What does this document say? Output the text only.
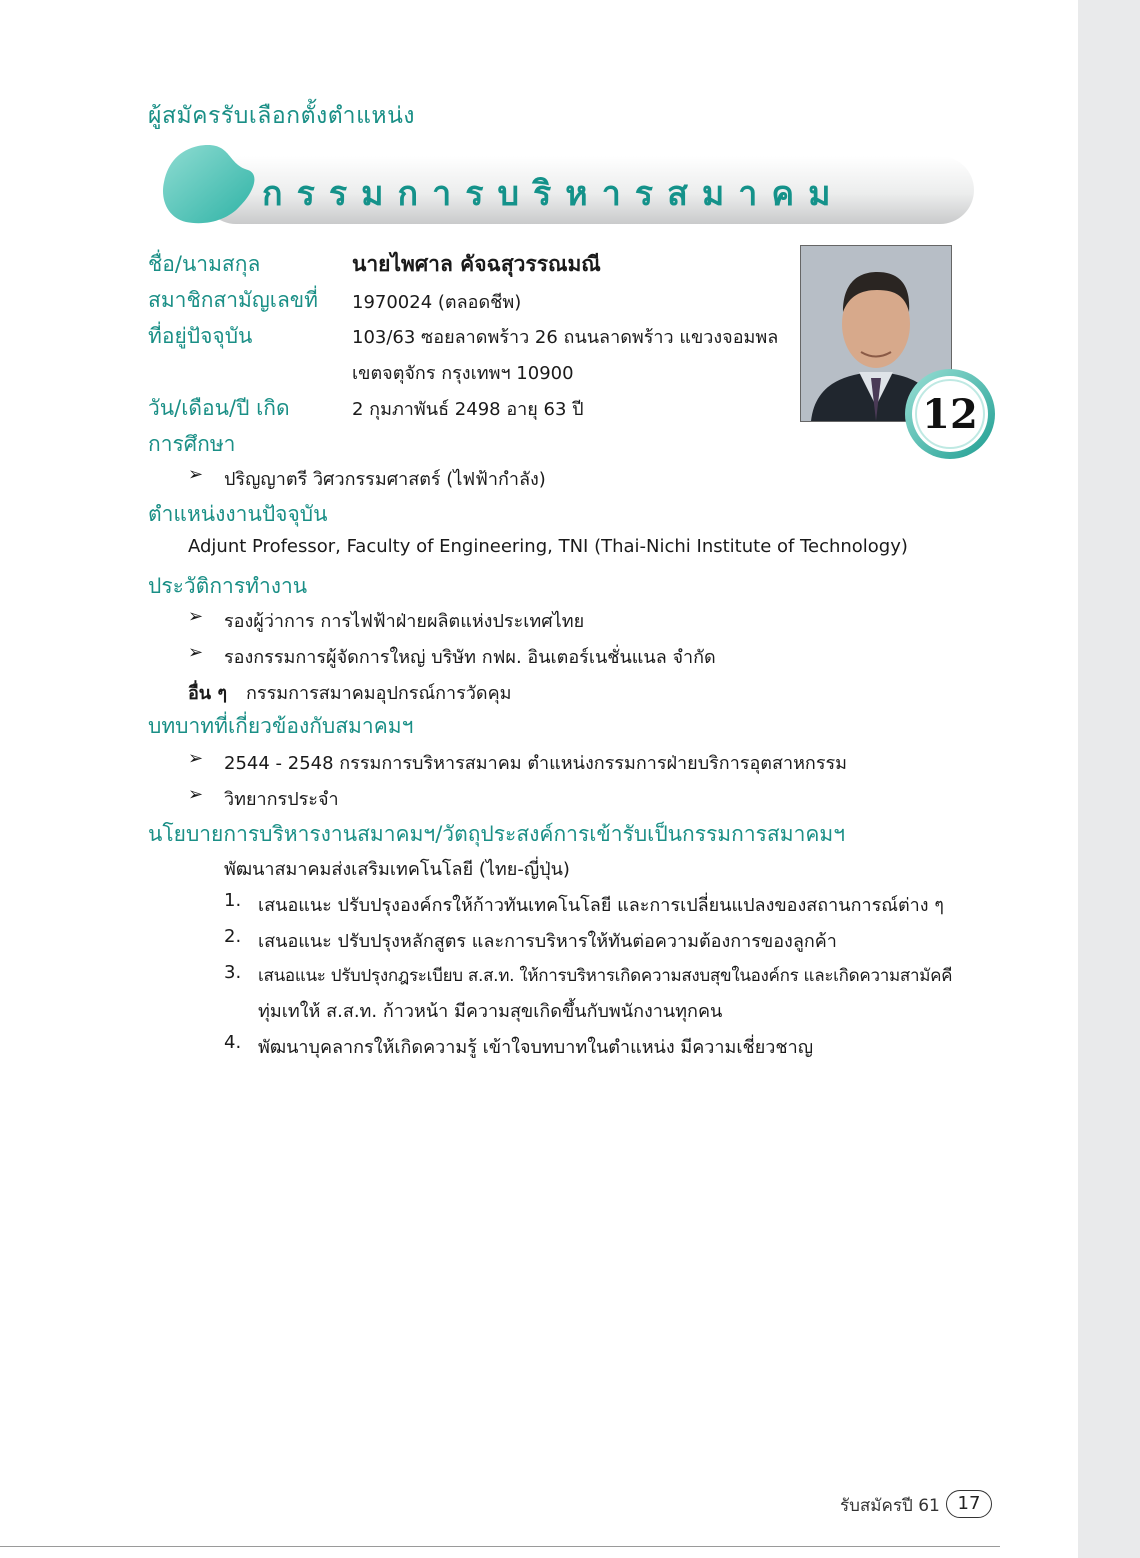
ผู้สมัครรับเลือกตั้งตำแหน่ง
กรรมการบริหารสมาคม
ชื่อ/นามสกุล	นายไพศาล คัจฉสุวรรณมณี
สมาชิกสามัญเลขที่ 1970024 (ตลอดชีพ)
ที่อยู่ปัจจุบัน	103/63 ซอยลาดพร้าว 26 ถนนลาดพร้าว แขวงจอมพล
เขตจตุจักร กรุงเทพฯ 10900
วัน/เดือน/ปี เกิด	2 กุมภาพันธ์ 2498 อายุ 63 ปี	12
การศึกษา
➢ ปริญญาตรี วิศวกรรมศาสตร์ (ไฟฟ้ากำลัง)
ตำแหน่งงานปัจจุบัน
Adjunt Professor, Faculty of Engineering, TNI (Thai-Nichi Institute of Technology)
ประวัติการทำงาน
➢ รองผู้ว่าการ การไฟฟ้าฝ่ายผลิตแห่งประเทศไทย
➢ รองกรรมการผู้จัดการใหญ่ บริษัท กฟผ. อินเตอร์เนชั่นแนล จำกัด
อื่น ๆ กรรมการสมาคมอุปกรณ์การวัดคุม
บทบาทที่เกี่ยวข้องกับสมาคมฯ
➢ 2544 - 2548 กรรมการบริหารสมาคม ตำแหน่งกรรมการฝ่ายบริการอุตสาหกรรม
➢ วิทยากรประจำ
นโยบายการบริหารงานสมาคมฯ/วัตถุประสงค์การเข้ารับเป็นกรรมการสมาคมฯ
พัฒนาสมาคมส่งเสริมเทคโนโลยี (ไทย-ญี่ปุ่น)
1. เสนอแนะ ปรับปรุงองค์กรให้ก้าวทันเทคโนโลยี และการเปลี่ยนแปลงของสถานการณ์ต่าง ๆ
2. เสนอแนะ ปรับปรุงหลักสูตร และการบริหารให้ทันต่อความต้องการของลูกค้า
3. เสนอแนะ ปรับปรุงกฎระเบียบ ส.ส.ท. ให้การบริหารเกิดความสงบสุขในองค์กร และเกิดความสามัคคี
ทุ่มเทให้ ส.ส.ท. ก้าวหน้า มีความสุขเกิดขึ้นกับพนักงานทุกคน
4. พัฒนาบุคลากรให้เกิดความรู้ เข้าใจบทบาทในตำแหน่ง มีความเชี่ยวชาญ
รับสมัครปี 61 17
